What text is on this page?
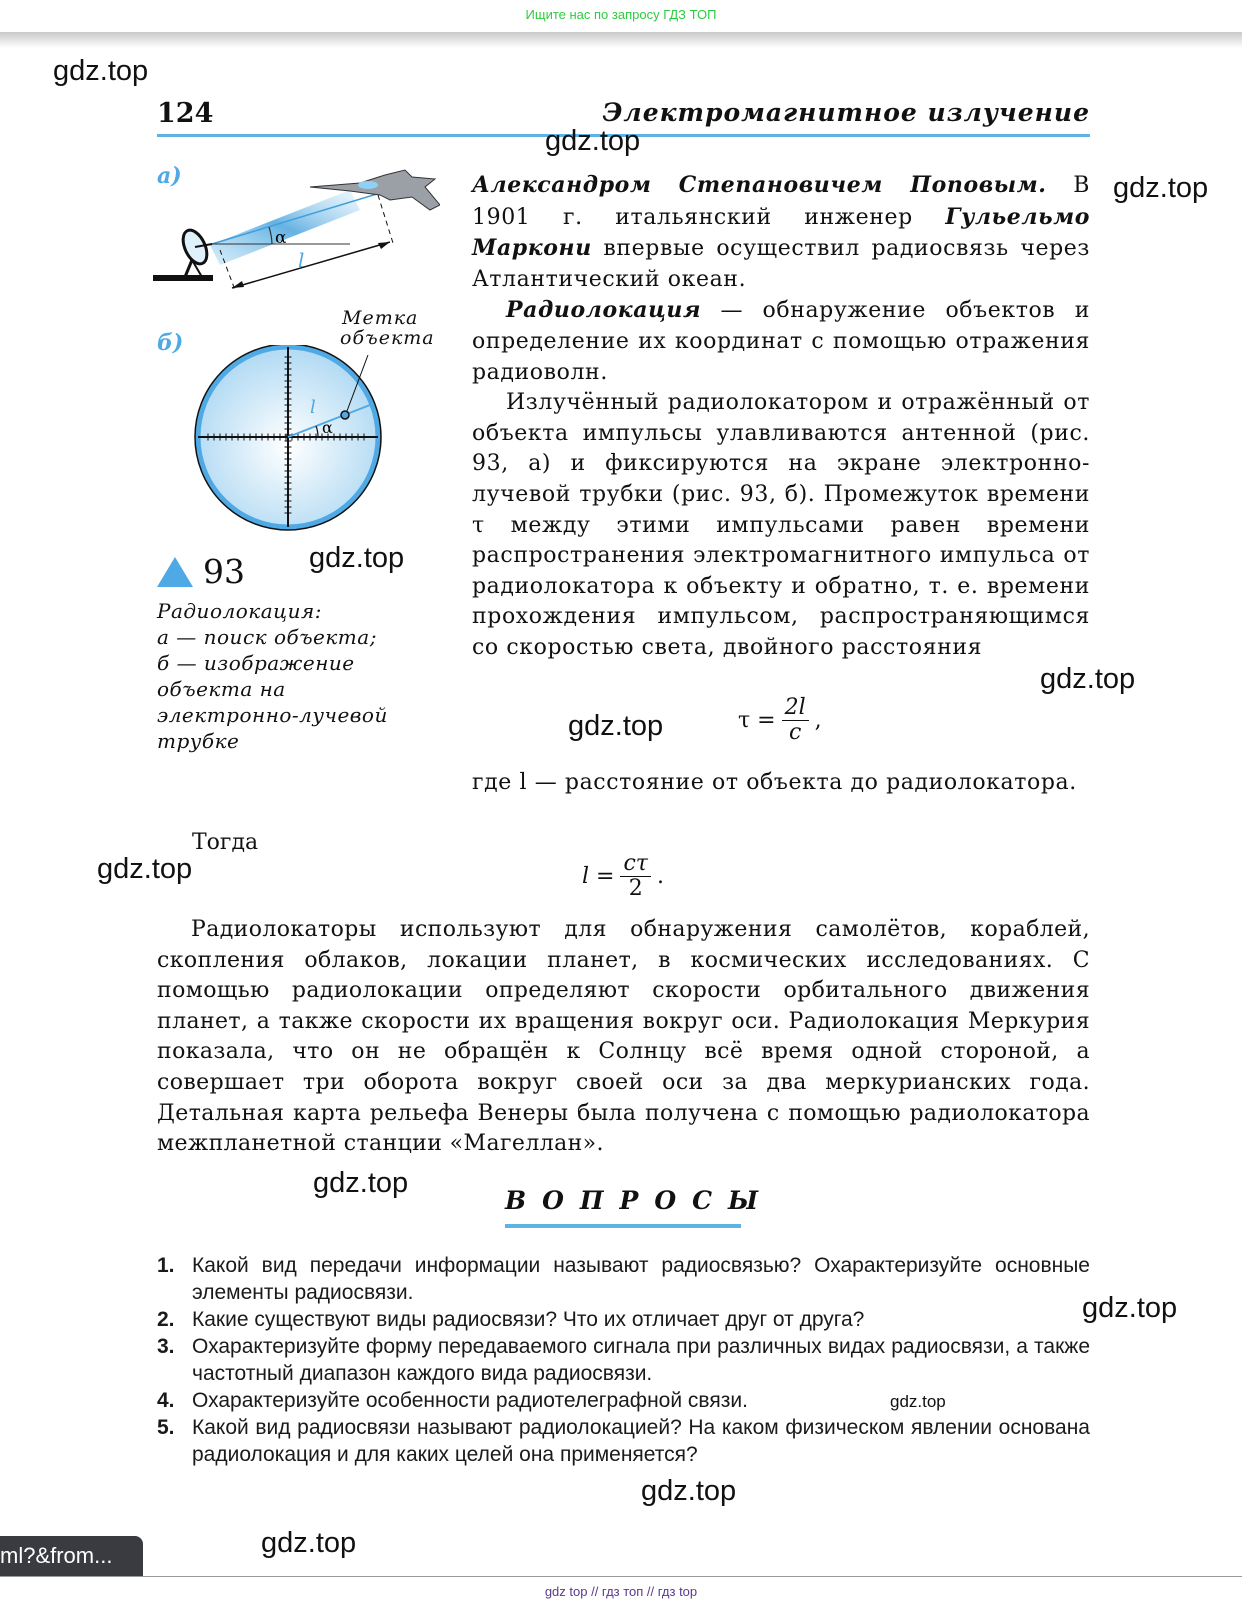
Ищите нас по запросу ГДЗ ТОП
124	Электромагнитное излучение
а)
α
l
б)
Метка
объекта
α
l
93
Радиолокация:
а — поиск объекта;
б — изображение
объекта на
электронно-лучевой
трубке

Александром Степановичем Поповым. В 1901 г. итальянский инженер Гульельмо Маркони впервые осуществил радиосвязь через Атлантический океан.

Радиолокация — обнаружение объектов и определение их координат с помощью отражения радиоволн.

Излучённый радиолокатором и отражённый от объекта импульсы улавливаются антенной (рис. 93, а) и фиксируются на экране электронно-лучевой трубки (рис. 93, б). Промежуток времени τ между этими импульсами равен времени распространения электромагнитного импульса от радиолокатора к объекту и обратно, т. е. времени прохождения импульсом, распространяющимся со скоростью света, двойного расстояния

$\tau = \frac{2l}{c}$ ,

где l — расстояние от объекта до радиолокатора.

Тогда
$l = \frac{c\tau}{2}$ .

Радиолокаторы используют для обнаружения самолётов, кораблей, скопления облаков, локации планет, в космических исследованиях. С помощью радиолокации определяют скорости орбитального движения планет, а также скорости их вращения вокруг оси. Радиолокация Меркурия показала, что он не обращён к Солнцу всё время одной стороной, а совершает три оборота вокруг своей оси за два меркурианских года. Детальная карта рельефа Венеры была получена с помощью радиолокатора межпланетной станции «Магеллан».

ВОПРОСЫ
1. Какой вид передачи информации называют радиосвязью? Охарактеризуйте основные элементы радиосвязи.
2. Какие существуют виды радиосвязи? Что их отличает друг от друга?
3. Охарактеризуйте форму передаваемого сигнала при различных видах радиосвязи, а также частотный диапазон каждого вида радиосвязи.
4. Охарактеризуйте особенности радиотелеграфной связи.
5. Какой вид радиосвязи называют радиолокацией? На каком физическом явлении основана радиолокация и для каких целей она применяется?
gdz.top
gdz.top
gdz.top
gdz.top
gdz.top
gdz.top
gdz.top
gdz.top
gdz.top
gdz.top
gdz.top
gdz.top
ml?&from...
gdz top // гдз топ // гдз top
